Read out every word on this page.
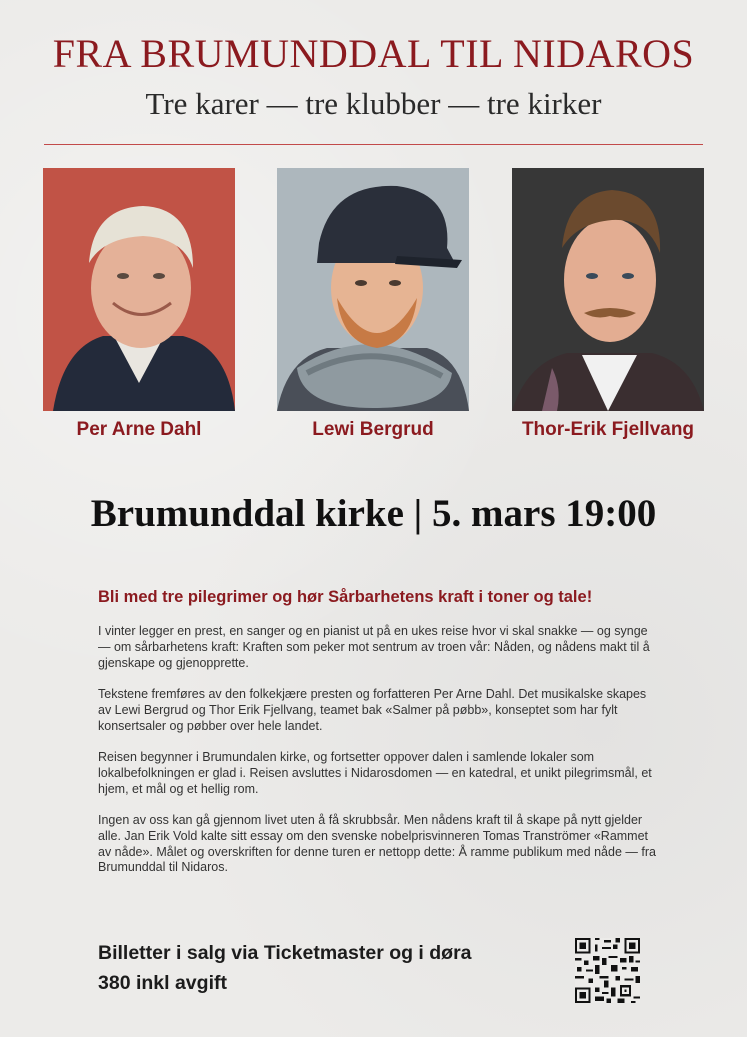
FRA BRUMUNDDAL TIL NIDAROS
Tre karer — tre klubber — tre kirker
Per Arne Dahl	Lewi Bergrud	Thor-Erik Fjellvang
Brumunddal kirke | 5. mars 19:00
Bli med tre pilegrimer og hør Sårbarhetens kraft i toner og tale!

I vinter legger en prest, en sanger og en pianist ut på en ukes reise hvor vi skal snakke — og synge — om sårbarhetens kraft: Kraften som peker mot sentrum av troen vår: Nåden, og nådens makt til å gjenskape og gjenopprette.

Tekstene fremføres av den folkekjære presten og forfatteren Per Arne Dahl. Det musikalske skapes av Lewi Bergrud og Thor Erik Fjellvang, teamet bak «Salmer på pøbb», konseptet som har fylt konsertsaler og pøbber over hele landet.

Reisen begynner i Brumundalen kirke, og fortsetter oppover dalen i samlende lokaler som lokalbefolkningen er glad i. Reisen avsluttes i Nidarosdomen — en katedral, et unikt pilegrimsmål, et hjem, et mål og et hellig rom.

Ingen av oss kan gå gjennom livet uten å få skrubbsår. Men nådens kraft til å skape på nytt gjelder alle. Jan Erik Vold kalte sitt essay om den svenske nobelprisvinneren Tomas Tranströmer «Rammet av nåde». Målet og overskriften for denne turen er nettopp dette: Å ramme publikum med nåde — fra Brumunddal til Nidaros.

Billetter i salg via Ticketmaster og i døra
380 inkl avgift
